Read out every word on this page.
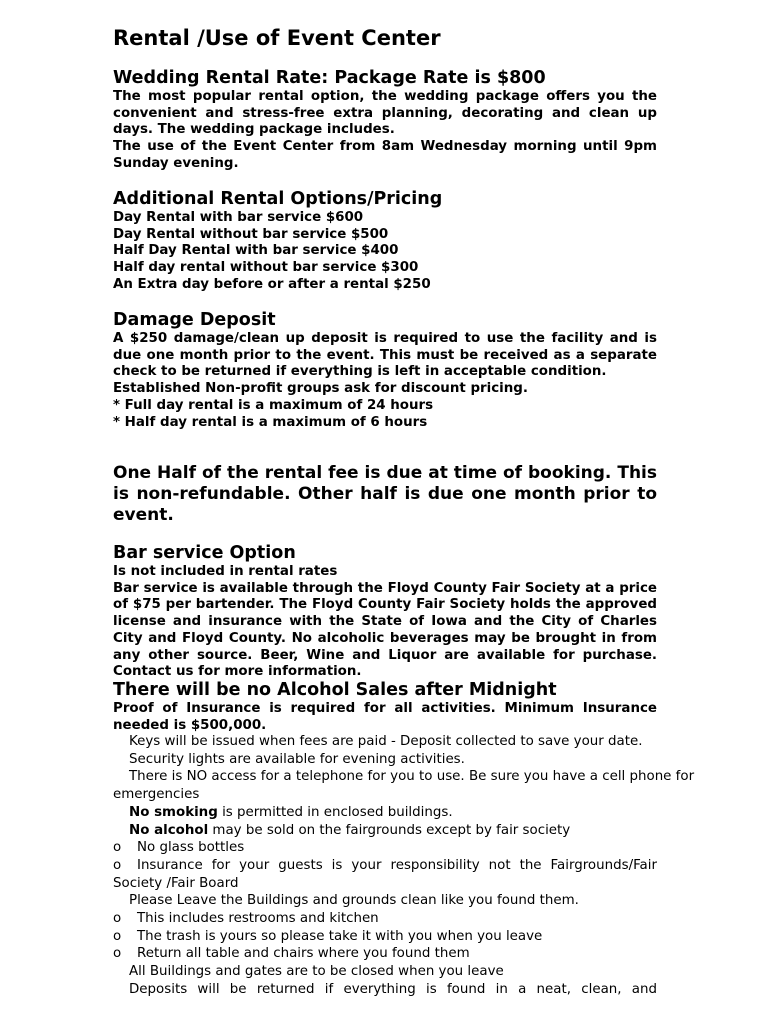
Rental /Use of Event Center
Wedding Rental Rate: Package Rate is $800

The most popular rental option, the wedding package offers you the convenient and stress-free extra planning, decorating and clean up days. The wedding package includes.

The use of the Event Center from 8am Wednesday morning until 9pm Sunday evening.

Additional Rental Options/Pricing

Day Rental with bar service $600

Day Rental without bar service $500

Half Day Rental with bar service $400

Half day rental without bar service $300

An Extra day before or after a rental $250

Damage Deposit

A $250 damage/clean up deposit is required to use the facility and is due one month prior to the event. This must be received as a separate check to be returned if everything is left in acceptable condition.

Established Non-profit groups ask for discount pricing.

* Full day rental is a maximum of 24 hours

* Half day rental is a maximum of 6 hours

One Half of the rental fee is due at time of booking. This is non-refundable. Other half is due one month prior to event.

Bar service Option

Is not included in rental rates

Bar service is available through the Floyd County Fair Society at a price of $75 per bartender. The Floyd County Fair Society holds the approved license and insurance with the State of Iowa and the City of Charles City and Floyd County. No alcoholic beverages may be brought in from any other source. Beer, Wine and Liquor are available for purchase. Contact us for more information.

There will be no Alcohol Sales after Midnight

Proof of Insurance is required for all activities. Minimum Insurance needed is $500,000.

Keys will be issued when fees are paid - Deposit collected to save your date.

Security lights are available for evening activities.

There is NO access for a telephone for you to use. Be sure you have a cell phone for emergencies

No smoking is permitted in enclosed buildings.

No alcohol may be sold on the fairgrounds except by fair society

o No glass bottles

o Insurance for your guests is your responsibility not the Fairgrounds/Fair Society /Fair Board

Please Leave the Buildings and grounds clean like you found them.

o This includes restrooms and kitchen

o The trash is yours so please take it with you when you leave

o Return all table and chairs where you found them

All Buildings and gates are to be closed when you leave

Deposits will be returned if everything is found in a neat, clean, and
